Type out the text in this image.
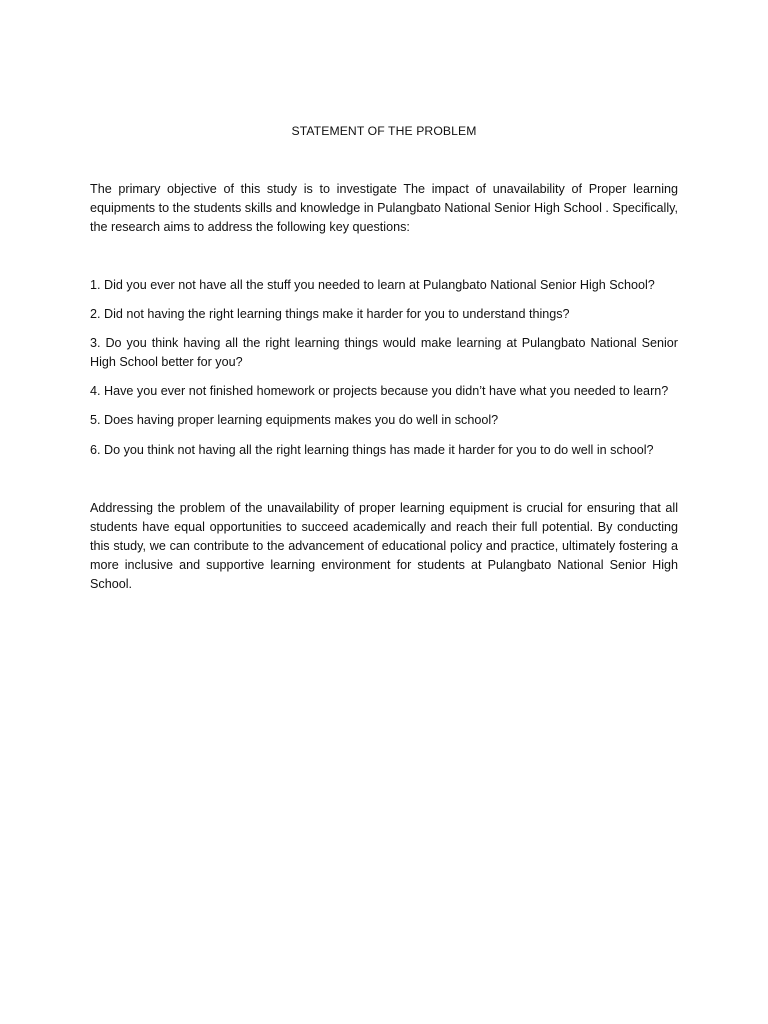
STATEMENT OF THE PROBLEM

The primary objective of this study is to investigate The impact of unavailability of Proper learning equipments to the students skills and knowledge in Pulangbato National Senior High School . Specifically, the research aims to address the following key questions:

1. Did you ever not have all the stuff you needed to learn at Pulangbato National Senior High School?

2. Did not having the right learning things make it harder for you to understand things?

3. Do you think having all the right learning things would make learning at Pulangbato National Senior High School better for you?

4. Have you ever not finished homework or projects because you didn’t have what you needed to learn?

5. Does having proper learning equipments makes you do well in school?

6. Do you think not having all the right learning things has made it harder for you to do well in school?

Addressing the problem of the unavailability of proper learning equipment is crucial for ensuring that all students have equal opportunities to succeed academically and reach their full potential. By conducting this study, we can contribute to the advancement of educational policy and practice, ultimately fostering a more inclusive and supportive learning environment for students at Pulangbato National Senior High School.
